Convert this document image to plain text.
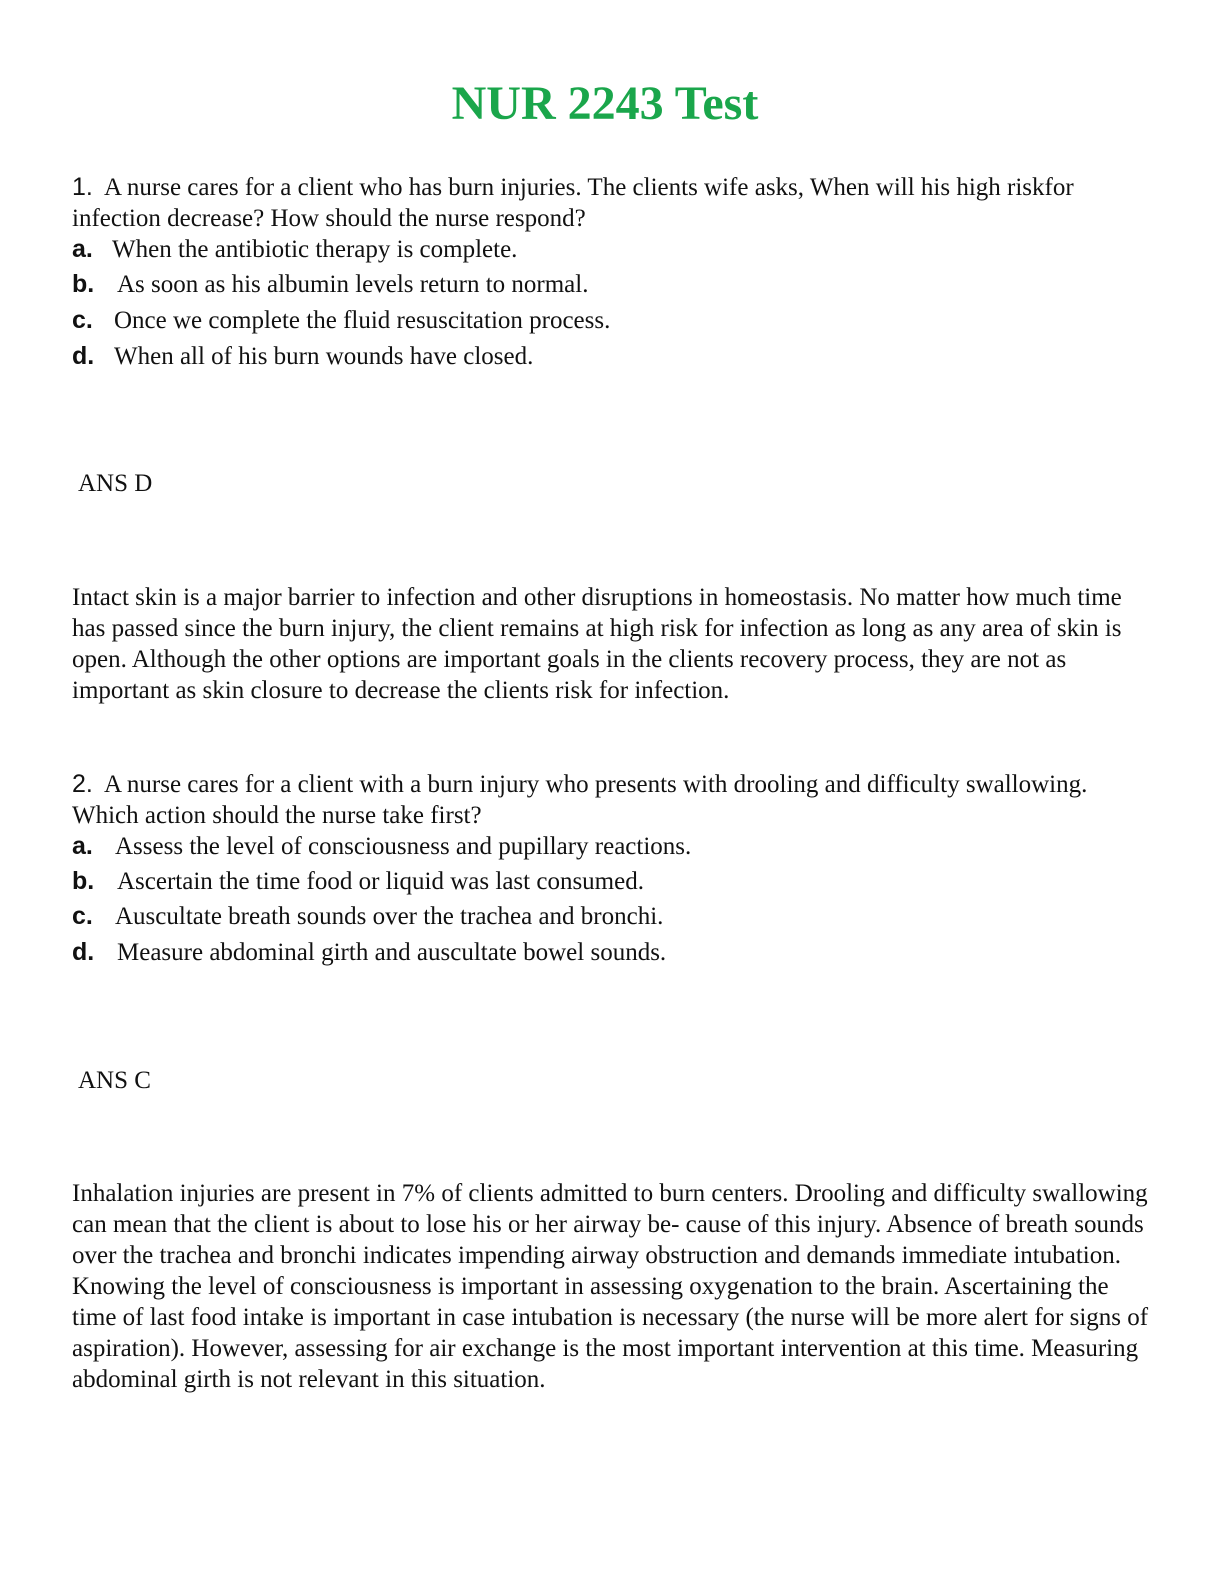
NUR 2243 Test
1. A nurse cares for a client who has burn injuries. The clients wife asks, When will his high riskfor infection decrease? How should the nurse respond?
a. When the antibiotic therapy is complete.
b. As soon as his albumin levels return to normal.
c. Once we complete the fluid resuscitation process.
d. When all of his burn wounds have closed.
ANS D
Intact skin is a major barrier to infection and other disruptions in homeostasis. No matter how much time has passed since the burn injury, the client remains at high risk for infection as long as any area of skin is open. Although the other options are important goals in the clients recovery process, they are not as important as skin closure to decrease the clients risk for infection.
2. A nurse cares for a client with a burn injury who presents with drooling and difficulty swallowing. Which action should the nurse take first?
a. Assess the level of consciousness and pupillary reactions.
b. Ascertain the time food or liquid was last consumed.
c. Auscultate breath sounds over the trachea and bronchi.
d. Measure abdominal girth and auscultate bowel sounds.
ANS C
Inhalation injuries are present in 7% of clients admitted to burn centers. Drooling and difficulty swallowing can mean that the client is about to lose his or her airway be- cause of this injury. Absence of breath sounds over the trachea and bronchi indicates impending airway obstruction and demands immediate intubation. Knowing the level of consciousness is important in assessing oxygenation to the brain. Ascertaining the time of last food intake is important in case intubation is necessary (the nurse will be more alert for signs of aspiration). However, assessing for air exchange is the most important intervention at this time. Measuring abdominal girth is not relevant in this situation.
